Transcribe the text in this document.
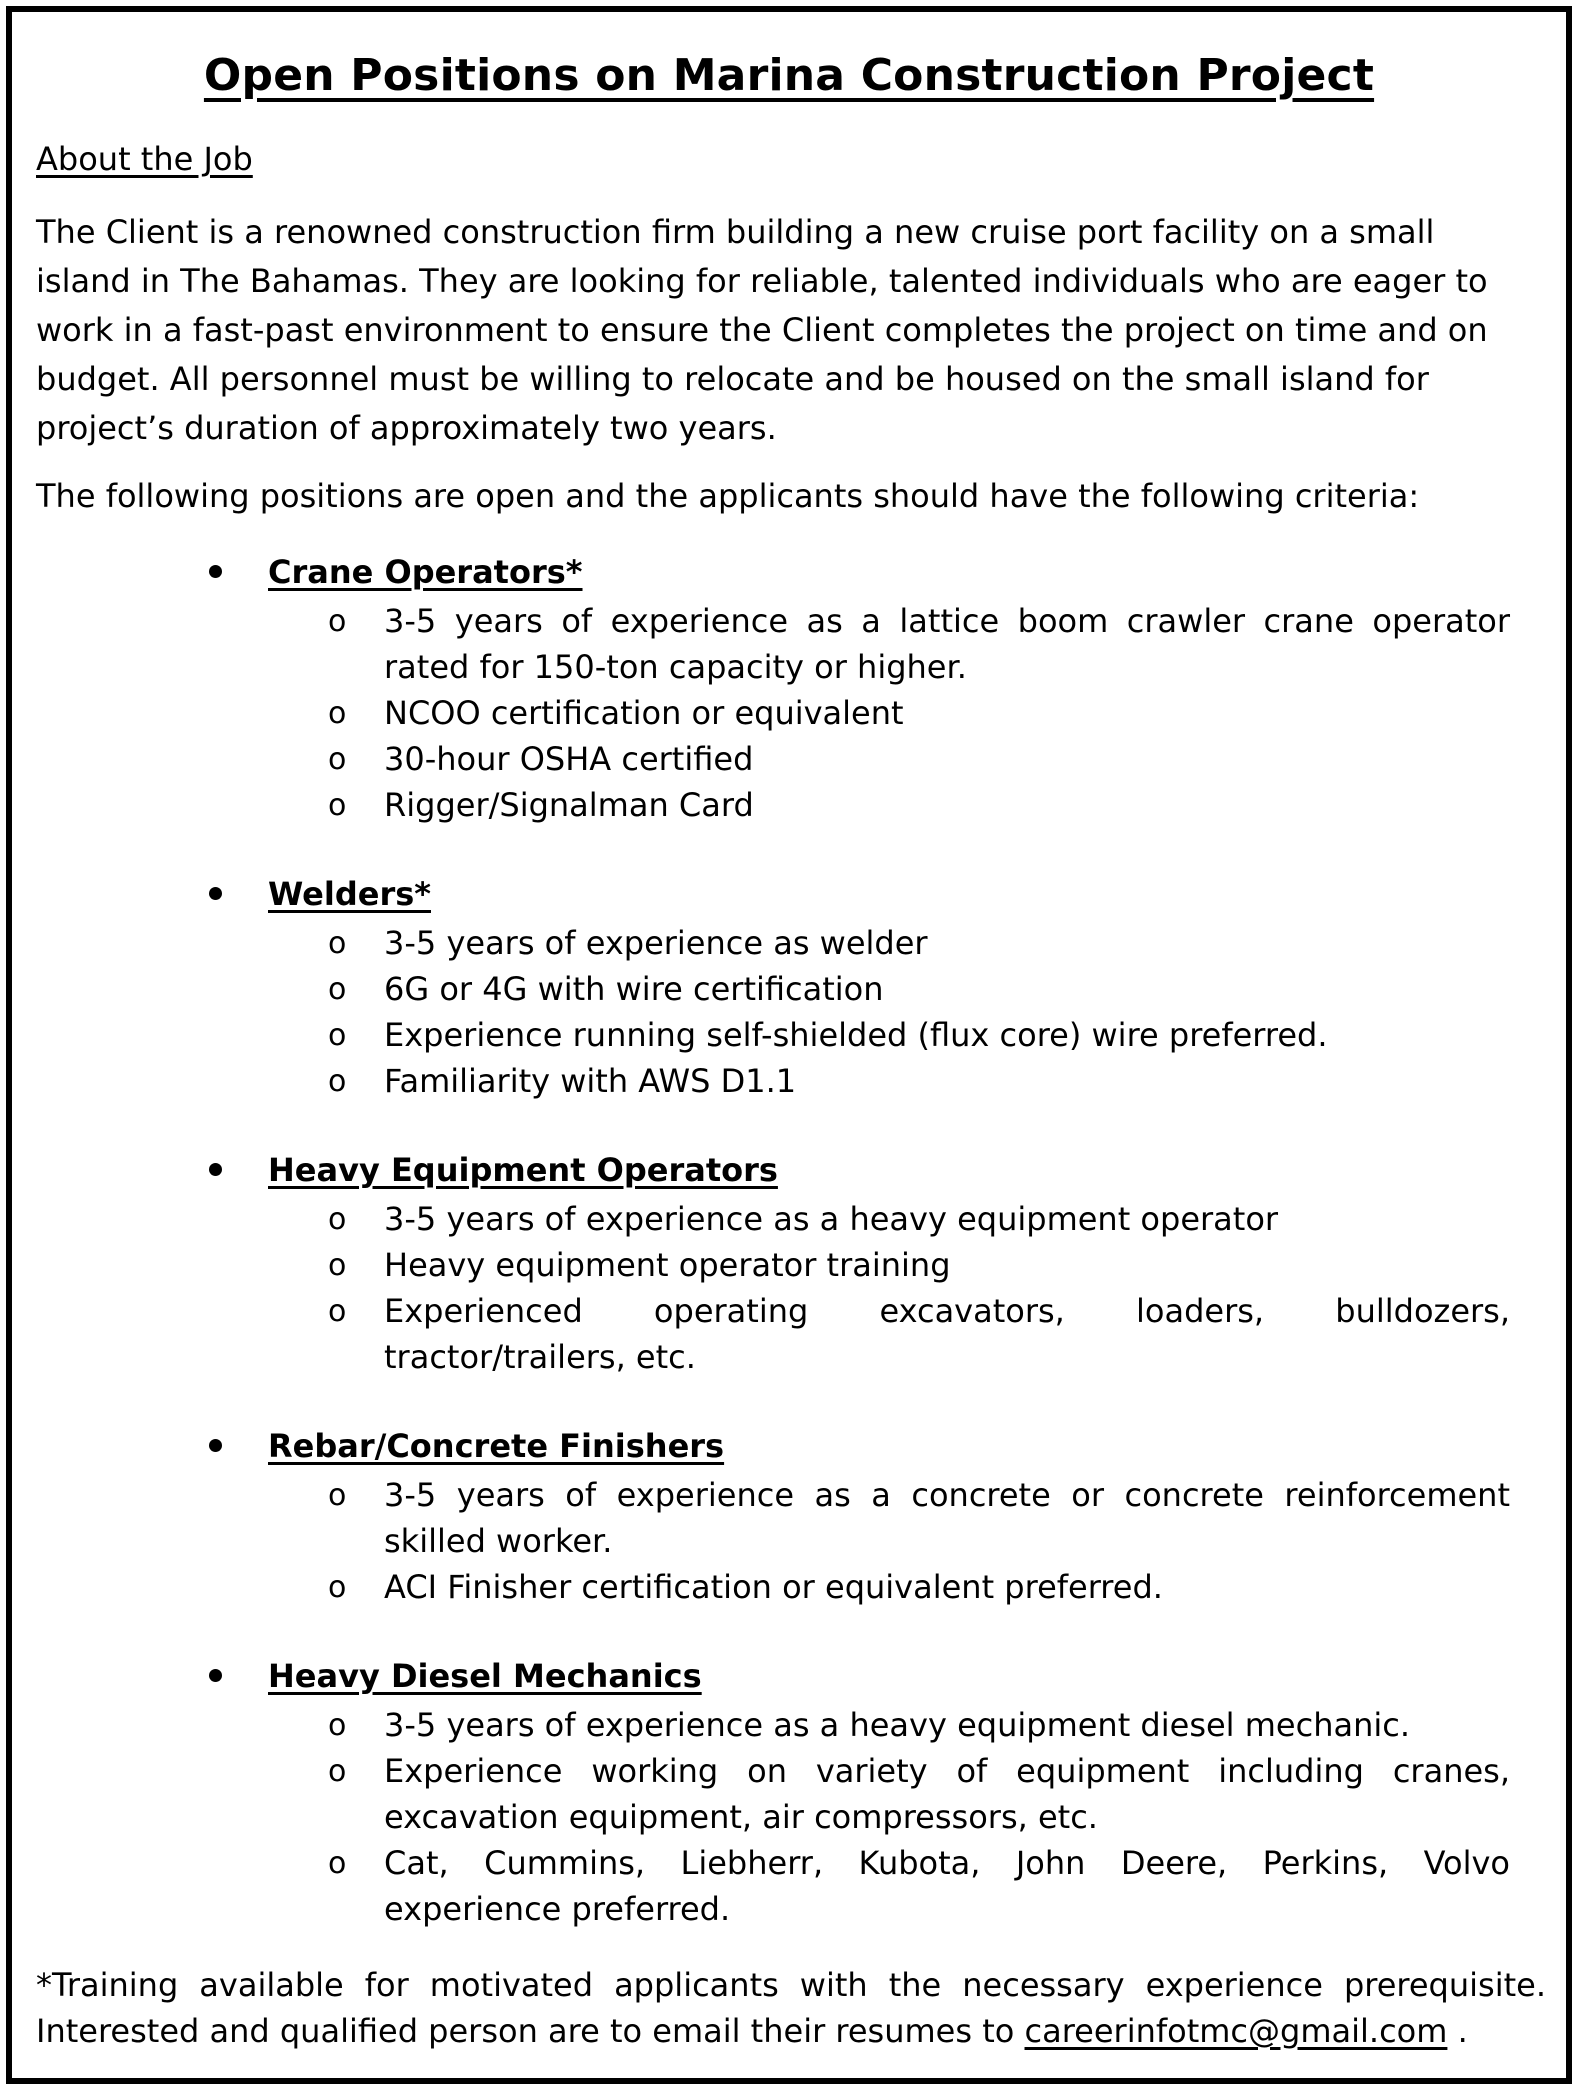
Open Positions on Marina Construction Project
About the Job

The Client is a renowned construction firm building a new cruise port facility on a small island in The Bahamas. They are looking for reliable, talented individuals who are eager to work in a fast-past environment to ensure the Client completes the project on time and on budget. All personnel must be willing to relocate and be housed on the small island for project’s duration of approximately two years.

The following positions are open and the applicants should have the following criteria:

Crane Operators*
o 3-5 years of experience as a lattice boom crawler crane operator rated for 150-ton capacity or higher.
o NCOO certification or equivalent
o 30-hour OSHA certified
o Rigger/Signalman Card
Welders*
o 3-5 years of experience as welder
o 6G or 4G with wire certification
o Experience running self-shielded (flux core) wire preferred.
o Familiarity with AWS D1.1
Heavy Equipment Operators
o 3-5 years of experience as a heavy equipment operator
o Heavy equipment operator training
o Experienced operating excavators, loaders, bulldozers, tractor/trailers, etc.
Rebar/Concrete Finishers
o 3-5 years of experience as a concrete or concrete reinforcement skilled worker.
o ACI Finisher certification or equivalent preferred.
Heavy Diesel Mechanics
o 3-5 years of experience as a heavy equipment diesel mechanic.
o Experience working on variety of equipment including cranes, excavation equipment, air compressors, etc.
o Cat, Cummins, Liebherr, Kubota, John Deere, Perkins, Volvo experience preferred.

*Training available for motivated applicants with the necessary experience prerequisite. Interested and qualified person are to email their resumes to careerinfotmc@gmail.com .
